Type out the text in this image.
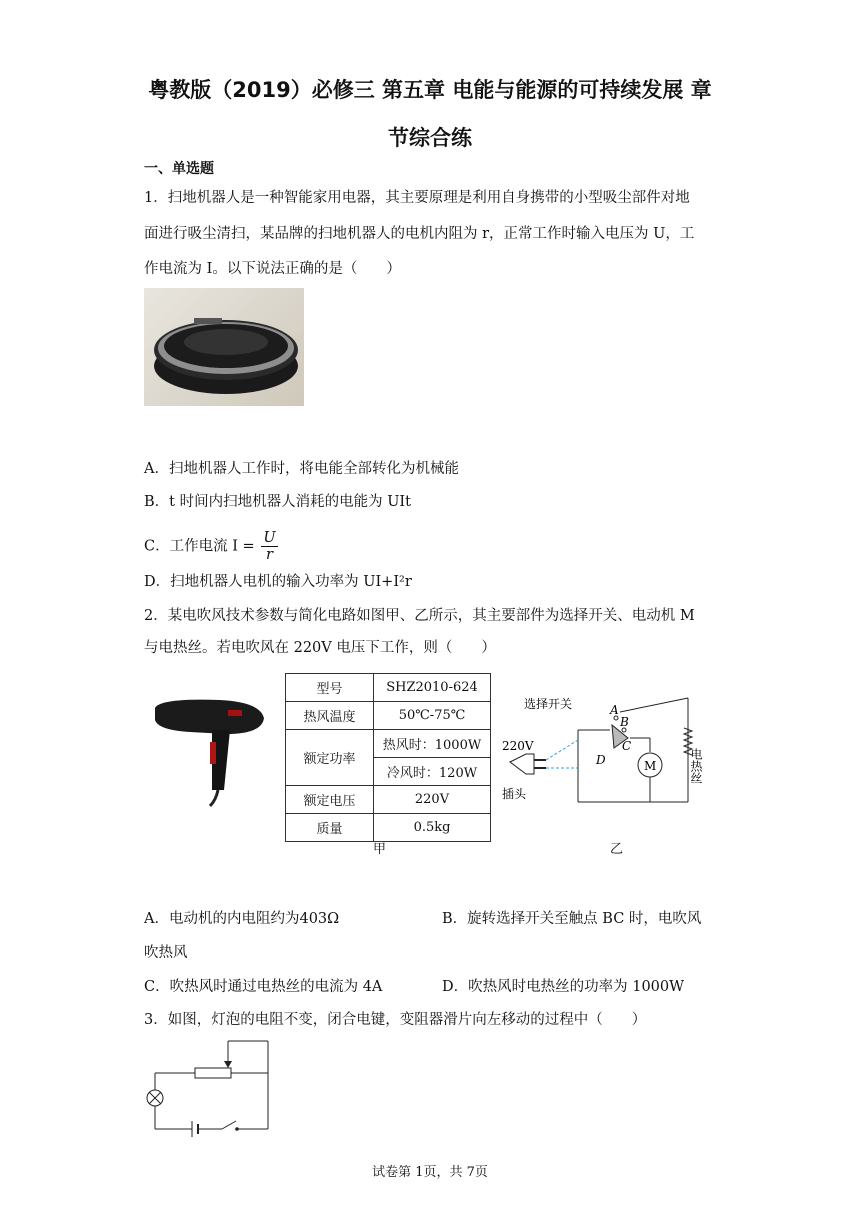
粤教版（2019）必修三 第五章 电能与能源的可持续发展 章
节综合练
一、单选题
1．扫地机器人是一种智能家用电器，其主要原理是利用自身携带的小型吸尘部件对地
面进行吸尘清扫，某品牌的扫地机器人的电机内阻为 r，正常工作时输入电压为 U，工
作电流为 I。以下说法正确的是（　　）
A．扫地机器人工作时，将电能全部转化为机械能
B．t 时间内扫地机器人消耗的电能为 UIt
C．工作电流 $I = \frac{U}{r}$
D．扫地机器人电机的输入功率为 UI+I²r
2．某电吹风技术参数与简化电路如图甲、乙所示，其主要部件为选择开关、电动机 M
与电热丝。若电吹风在 220V 电压下工作，则（　　）
型号	SHZ2010-624
热风温度	50℃-75℃
额定功率	热风时：1000W
	冷风时：120W
额定电压	220V
质量	0.5kg
甲	乙
选择开关	A
B
C
D
220V
插头
M	电热丝
A．电动机的内电阻约为403Ω	B．旋转选择开关至触点 BC 时，电吹风
吹热风
C．吹热风时通过电热丝的电流为 4A	D．吹热风时电热丝的功率为 1000W
3．如图，灯泡的电阻不变，闭合电键，变阻器滑片向左移动的过程中（　　）
试卷第 1页，共 7页
